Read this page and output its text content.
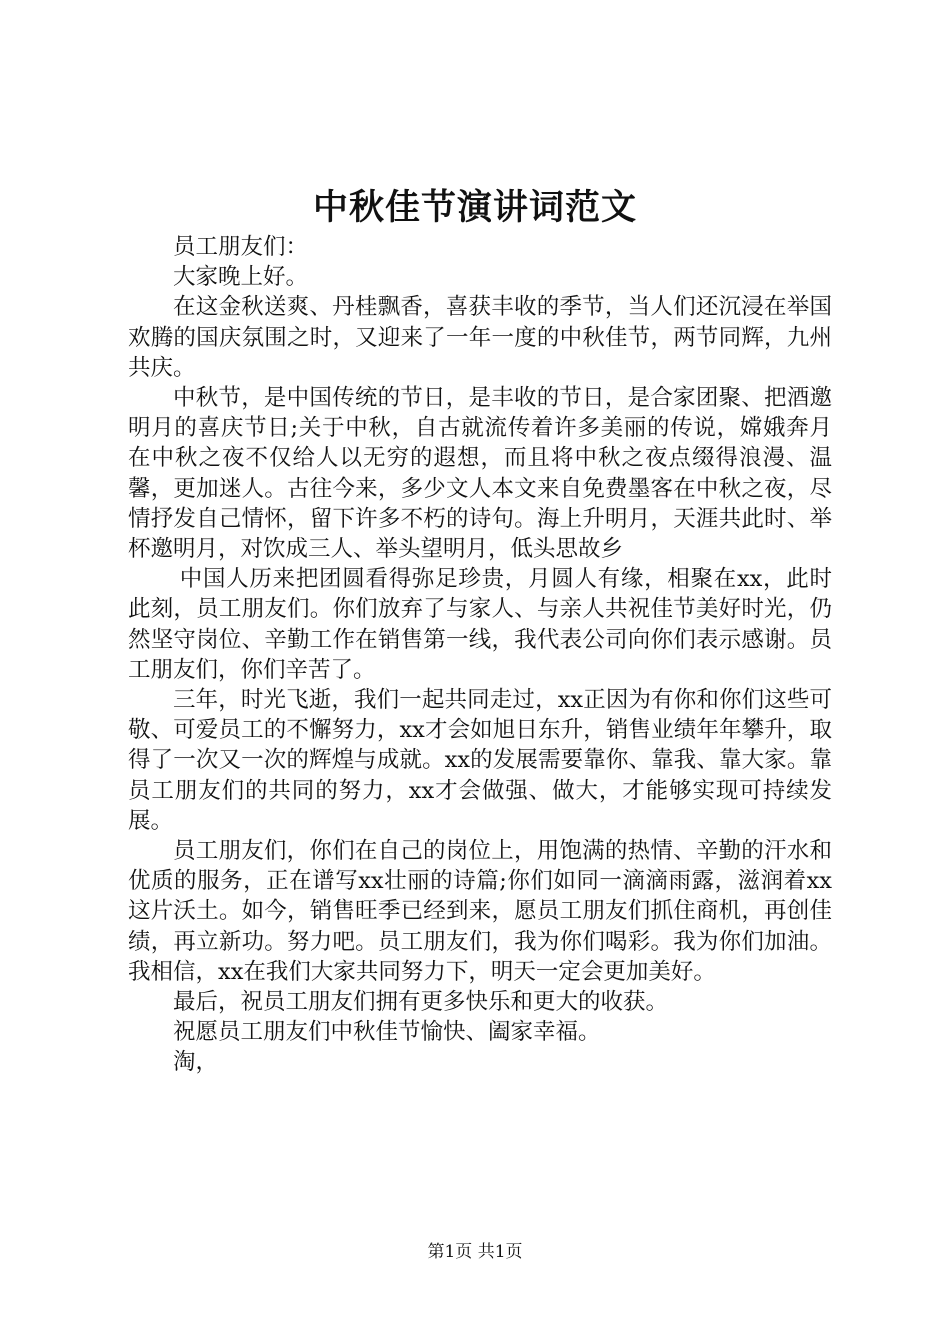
中秋佳节演讲词范文

员工朋友们：

大家晚上好。

在这金秋送爽、丹桂飘香，喜获丰收的季节，当人们还沉浸在举国欢腾的国庆氛围之时，又迎来了一年一度的中秋佳节，两节同辉，九州共庆。

中秋节，是中国传统的节日，是丰收的节日，是合家团聚、把酒邀明月的喜庆节日;关于中秋，自古就流传着许多美丽的传说，嫦娥奔月在中秋之夜不仅给人以无穷的遐想，而且将中秋之夜点缀得浪漫、温馨，更加迷人。古往今来，多少文人本文来自免费墨客在中秋之夜，尽情抒发自己情怀，留下许多不朽的诗句。海上升明月，天涯共此时、举杯邀明月，对饮成三人、举头望明月，低头思故乡

中国人历来把团圆看得弥足珍贵，月圆人有缘，相聚在xx，此时此刻，员工朋友们。你们放弃了与家人、与亲人共祝佳节美好时光，仍然坚守岗位、辛勤工作在销售第一线，我代表公司向你们表示感谢。员工朋友们，你们辛苦了。

三年，时光飞逝，我们一起共同走过，xx正因为有你和你们这些可敬、可爱员工的不懈努力，xx才会如旭日东升，销售业绩年年攀升，取得了一次又一次的辉煌与成就。xx的发展需要靠你、靠我、靠大家。靠员工朋友们的共同的努力，xx才会做强、做大，才能够实现可持续发展。

员工朋友们，你们在自己的岗位上，用饱满的热情、辛勤的汗水和优质的服务，正在谱写xx壮丽的诗篇;你们如同一滴滴雨露，滋润着xx这片沃土。如今，销售旺季已经到来，愿员工朋友们抓住商机，再创佳绩，再立新功。努力吧。员工朋友们，我为你们喝彩。我为你们加油。我相信，xx在我们大家共同努力下，明天一定会更加美好。

最后，祝员工朋友们拥有更多快乐和更大的收获。

祝愿员工朋友们中秋佳节愉快、阖家幸福。

淘，

第1页 共1页
